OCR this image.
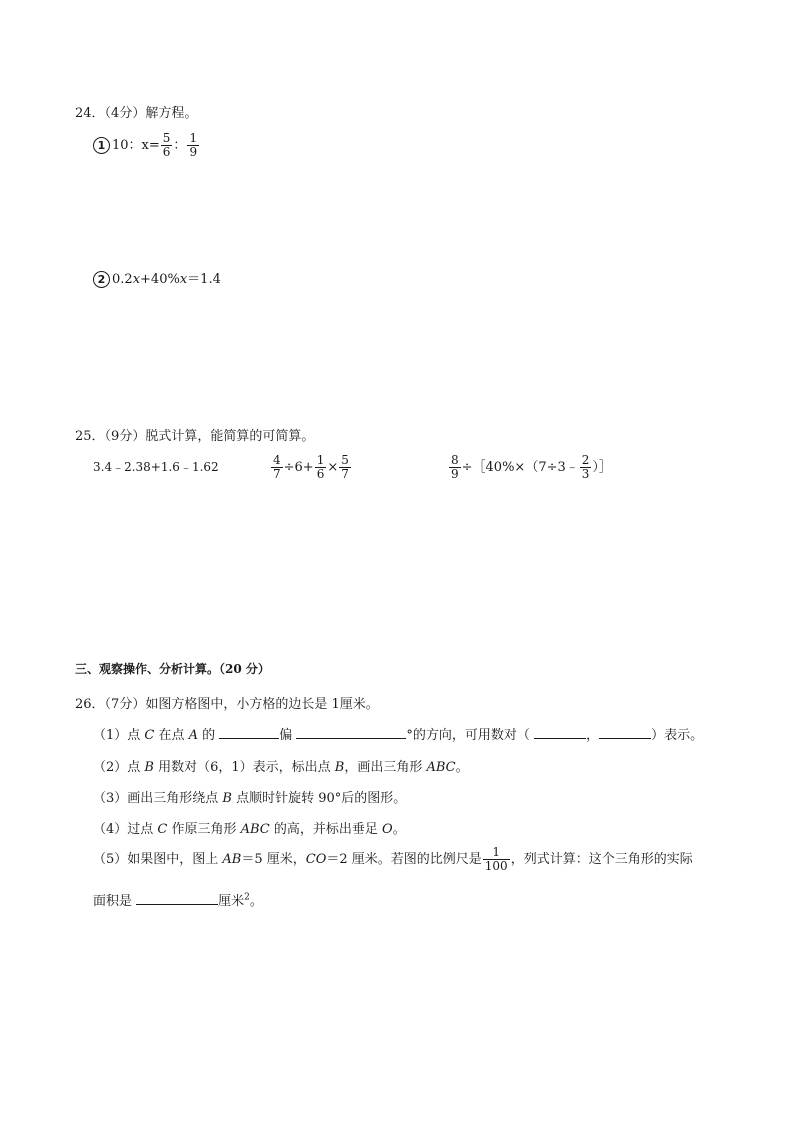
24．（4分）解方程。
1 10：$x= \frac{5}{6}$ ： $\frac{1}{9}$
2 0.2x+40%x＝1.4
25．（9分）脱式计算，能简算的可简算。
3.4﹣2.38+1.6﹣1.62	$\frac{4}{7} \div 6+ \frac{1}{6} \times \frac{5}{7}$	$\frac{8}{9}$ ÷［40%×（7÷3﹣ $\frac{2}{3}$ ）］
三、观察操作、分析计算。（20 分）
26．（7分）如图方格图中，小方格的边长是 1厘米。
（1）点 C 在点 A 的	偏	°的方向，可用数对（	，	）表示。
（2）点 B 用数对（6，1）表示，标出点 B，画出三角形 ABC。
（3）画出三角形绕点 B 点顺时针旋转 90°后的图形。
（4）过点 C 作原三角形 ABC 的高，并标出垂足 O。
（5）如果图中，图上 AB＝5 厘米，CO＝2 厘米。若图的比例尺是 $\frac{1}{100}$ ，列式计算：这个三角形的实际
面积是	厘米$^2$。
